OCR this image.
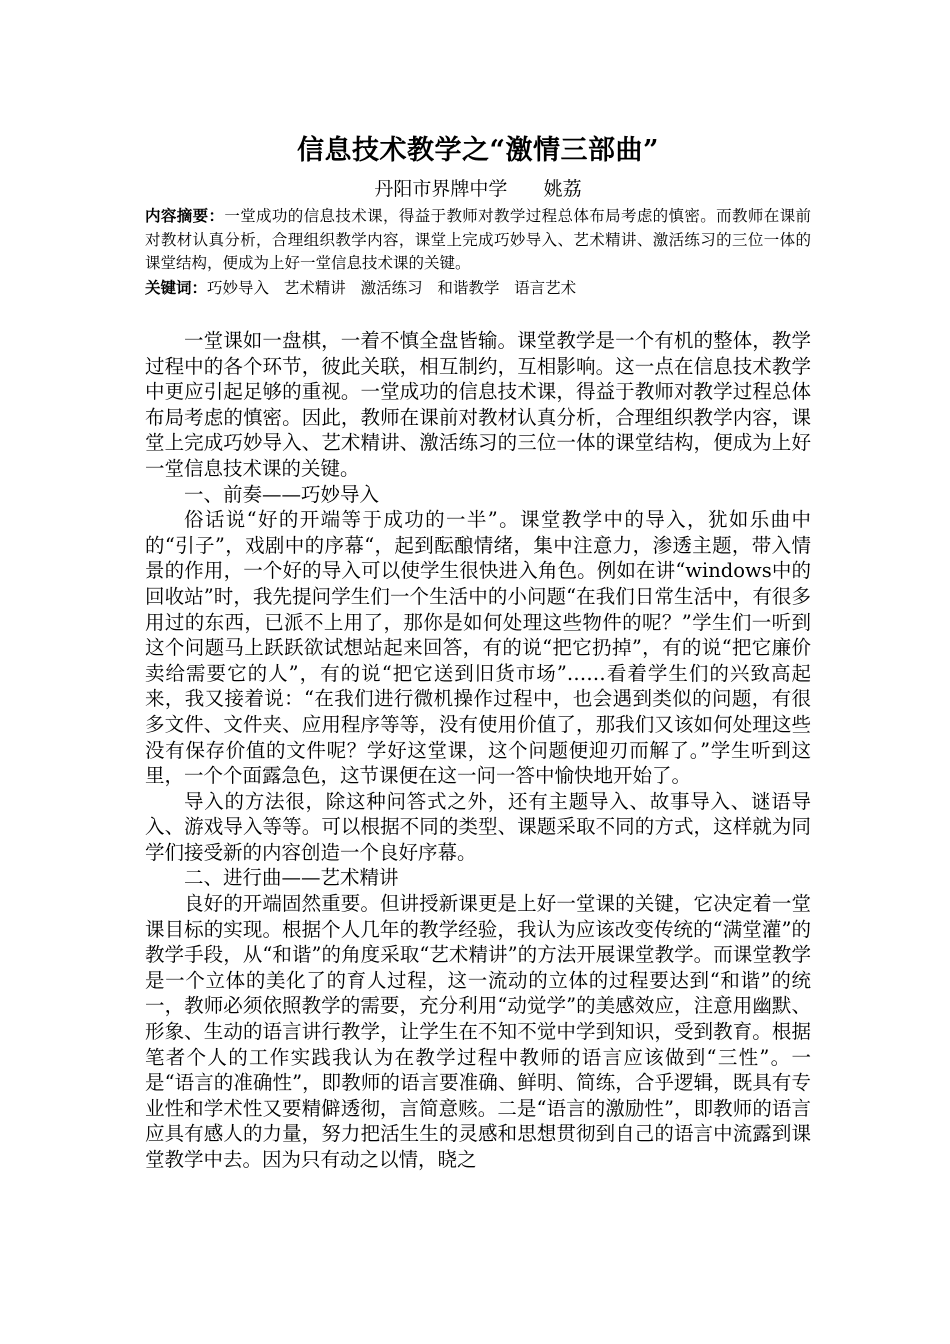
信息技术教学之“激情三部曲”

丹阳市界牌中学      姚荔

内容摘要：一堂成功的信息技术课，得益于教师对教学过程总体布局考虑的慎密。而教师在课前对教材认真分析，合理组织教学内容，课堂上完成巧妙导入、艺术精讲、激活练习的三位一体的课堂结构，便成为上好一堂信息技术课的关键。

关键词：巧妙导入   艺术精讲   激活练习   和谐教学   语言艺术

一堂课如一盘棋，一着不慎全盘皆输。课堂教学是一个有机的整体，教学过程中的各个环节，彼此关联，相互制约，互相影响。这一点在信息技术教学中更应引起足够的重视。一堂成功的信息技术课，得益于教师对教学过程总体布局考虑的慎密。因此，教师在课前对教材认真分析，合理组织教学内容，课堂上完成巧妙导入、艺术精讲、激活练习的三位一体的课堂结构，便成为上好一堂信息技术课的关键。

一、前奏——巧妙导入

俗话说“好的开端等于成功的一半”。课堂教学中的导入，犹如乐曲中的“引子”，戏剧中的序幕“，起到酝酿情绪，集中注意力，渗透主题，带入情景的作用，一个好的导入可以使学生很快进入角色。例如在讲“windows中的回收站”时，我先提问学生们一个生活中的小问题“在我们日常生活中，有很多用过的东西，已派不上用了，那你是如何处理这些物件的呢？”学生们一听到这个问题马上跃跃欲试想站起来回答，有的说“把它扔掉”，有的说“把它廉价卖给需要它的人”，有的说“把它送到旧货市场”……看着学生们的兴致高起来，我又接着说：“在我们进行微机操作过程中，也会遇到类似的问题，有很多文件、文件夹、应用程序等等，没有使用价值了，那我们又该如何处理这些没有保存价值的文件呢？学好这堂课，这个问题便迎刃而解了。”学生听到这里，一个个面露急色，这节课便在这一问一答中愉快地开始了。

导入的方法很，除这种问答式之外，还有主题导入、故事导入、谜语导入、游戏导入等等。可以根据不同的类型、课题采取不同的方式，这样就为同学们接受新的内容创造一个良好序幕。

二、进行曲——艺术精讲

良好的开端固然重要。但讲授新课更是上好一堂课的关键，它决定着一堂课目标的实现。根据个人几年的教学经验，我认为应该改变传统的“满堂灌”的教学手段，从“和谐”的角度采取“艺术精讲”的方法开展课堂教学。而课堂教学是一个立体的美化了的育人过程，这一流动的立体的过程要达到“和谐”的统一，教师必须依照教学的需要，充分利用“动觉学”的美感效应，注意用幽默、形象、生动的语言讲行教学，让学生在不知不觉中学到知识，受到教育。根据笔者个人的工作实践我认为在教学过程中教师的语言应该做到“三性”。一是“语言的准确性”，即教师的语言要准确、鲜明、简练，合乎逻辑，既具有专业性和学术性又要精僻透彻，言简意赅。二是“语言的激励性”，即教师的语言应具有感人的力量，努力把活生生的灵感和思想贯彻到自己的语言中流露到课堂教学中去。因为只有动之以情，晓之
